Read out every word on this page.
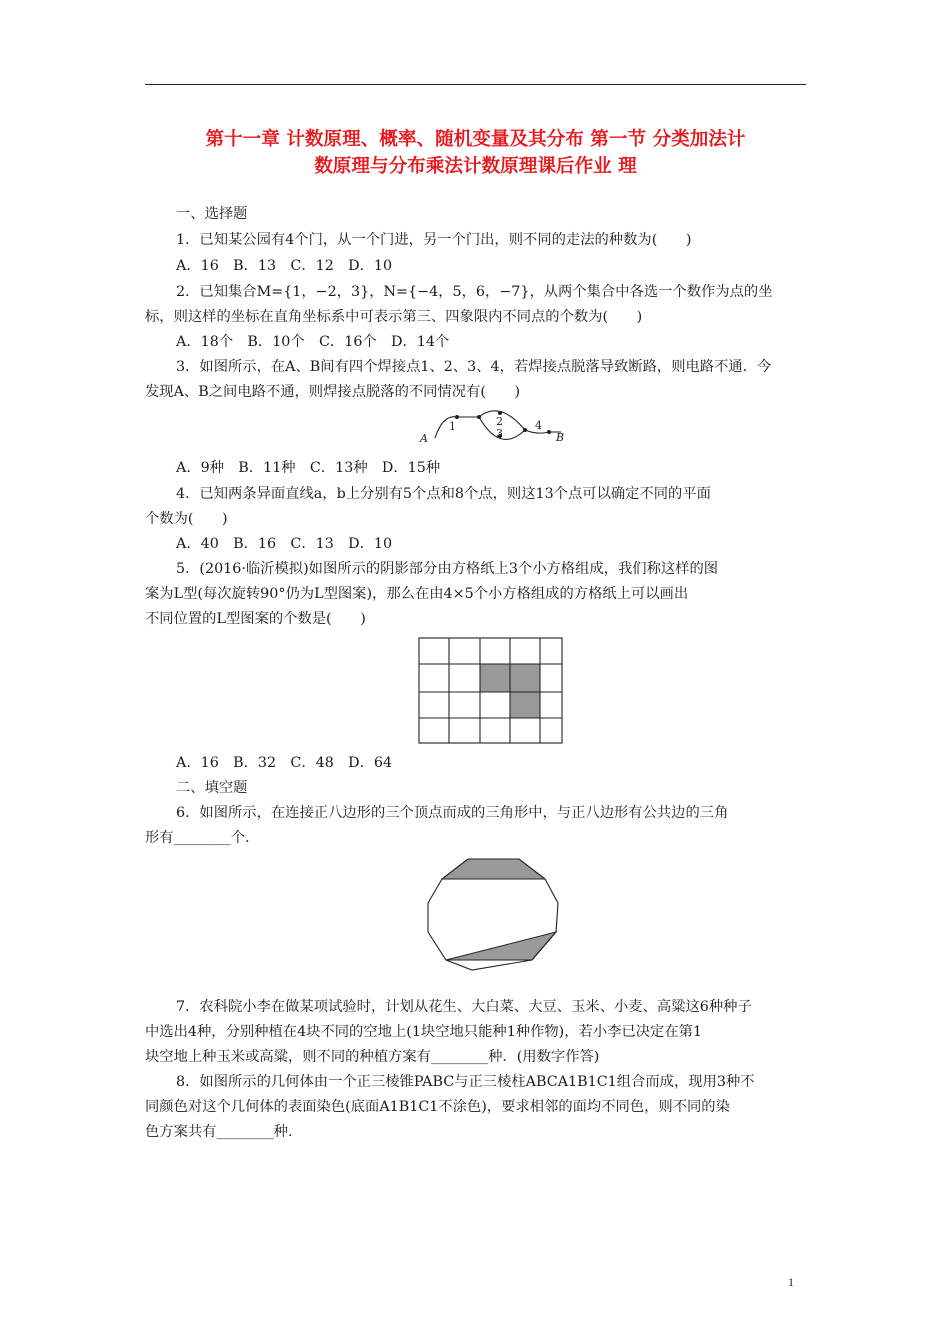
第十一章 计数原理、概率、随机变量及其分布 第一节 分类加法计
数原理与分布乘法计数原理课后作业 理
一、选择题
1．已知某公园有4个门，从一个门进，另一个门出，则不同的走法的种数为(　　)
A．16　B．13　C．12　D．10
2．已知集合M={1，−2，3}，N={−4，5，6，−7}，从两个集合中各选一个数作为点的坐
标，则这样的坐标在直角坐标系中可表示第三、四象限内不同点的个数为(　　)
A．18个　B．10个　C．16个　D．14个
3．如图所示，在A、B间有四个焊接点1、2、3、4，若焊接点脱落导致断路，则电路不通．今
发现A、B之间电路不通，则焊接点脱落的不同情况有(　　)
A
1	2
3
4
B
A．9种　B．11种　C．13种　D．15种
4．已知两条异面直线a，b上分别有5个点和8个点，则这13个点可以确定不同的平面
个数为(　　)
A．40　B．16　C．13　D．10
5．(2016·临沂模拟)如图所示的阴影部分由方格纸上3个小方格组成，我们称这样的图
案为L型(每次旋转90°仍为L型图案)，那么在由4×5个小方格组成的方格纸上可以画出
不同位置的L型图案的个数是(　　)
A．16　B．32　C．48　D．64
二、填空题
6．如图所示，在连接正八边形的三个顶点而成的三角形中，与正八边形有公共边的三角
形有________个．
7．农科院小李在做某项试验时，计划从花生、大白菜、大豆、玉米、小麦、高粱这6种种子
中选出4种，分别种植在4块不同的空地上(1块空地只能种1种作物)，若小李已决定在第1
块空地上种玉米或高粱，则不同的种植方案有________种．(用数字作答)
8．如图所示的几何体由一个正三棱锥PABC与正三棱柱ABCA1B1C1组合而成，现用3种不
同颜色对这个几何体的表面染色(底面A1B1C1不涂色)，要求相邻的面均不同色，则不同的染
色方案共有________种．
1
